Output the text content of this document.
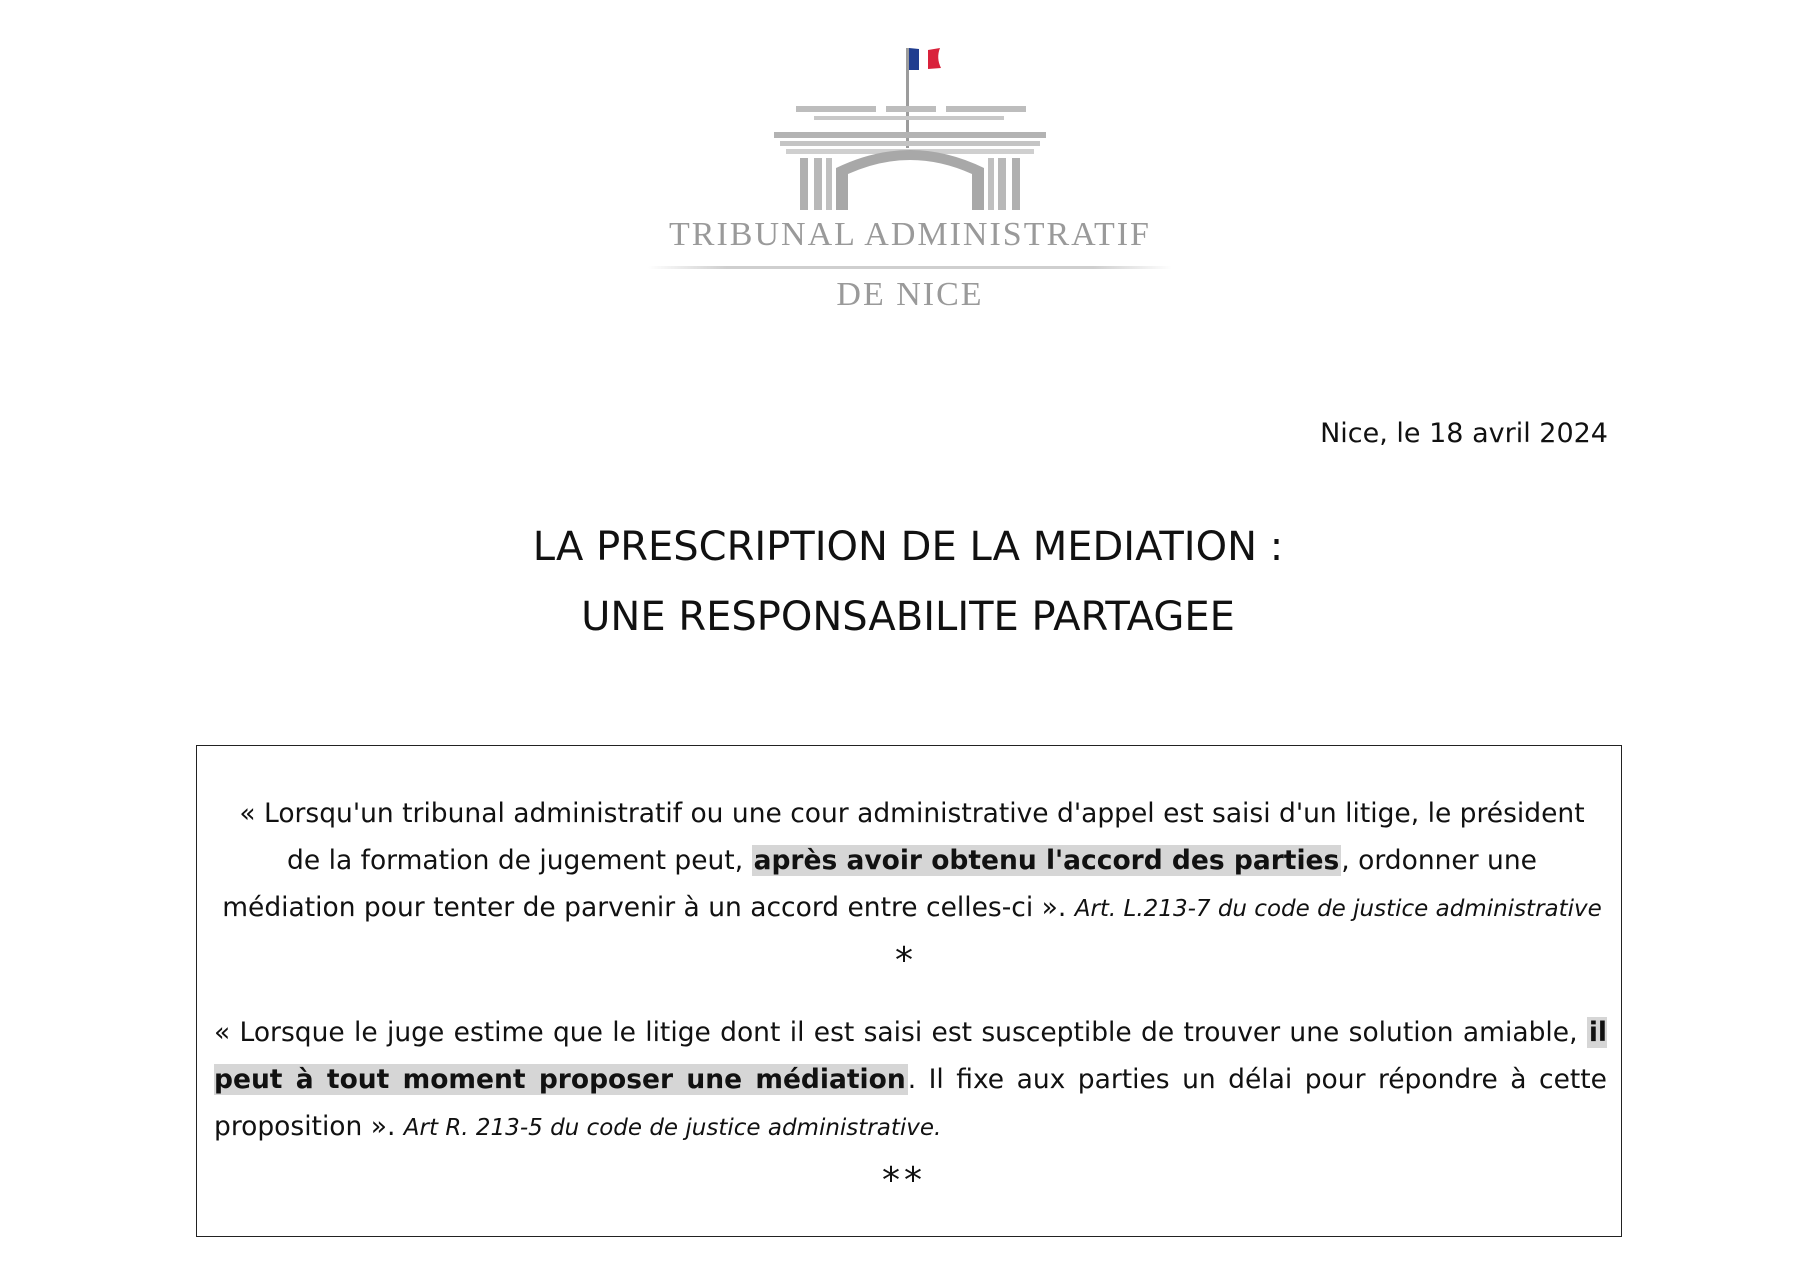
TRIBUNAL ADMINISTRATIF
DE NICE
Nice, le 18 avril 2024
LA PRESCRIPTION DE LA MEDIATION :
UNE RESPONSABILITE PARTAGEE
« Lorsqu'un tribunal administratif ou une cour administrative d'appel est saisi d'un litige, le président de la formation de jugement peut, après avoir obtenu l'accord des parties, ordonner une médiation pour tenter de parvenir à un accord entre celles-ci ». Art. L.213-7 du code de justice administrative
*
« Lorsque le juge estime que le litige dont il est saisi est susceptible de trouver une solution amiable, il peut à tout moment proposer une médiation. Il fixe aux parties un délai pour répondre à cette proposition ». Art R. 213-5 du code de justice administrative.
**
